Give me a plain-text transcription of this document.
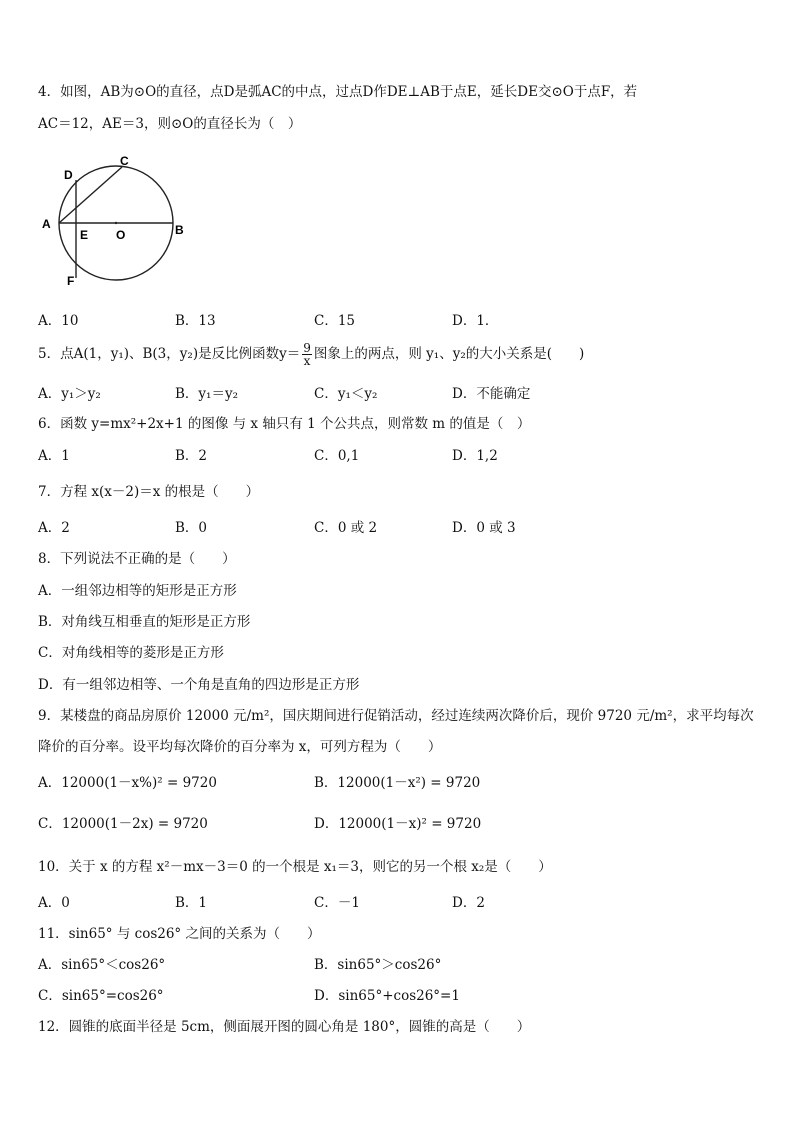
4．如图，AB为⊙O的直径，点D是弧AC的中点，过点D作DE⊥AB于点E，延长DE交⊙O于点F，若
AC＝12，AE＝3，则⊙O的直径长为（　）
C
D
A
E O	B
F
A．10	B．13	C．15	D．1．
5．点A(1，y₁)、B(3，y₂)是反比例函数$y= \frac{9}{x}$ 图象上的两点，则 y₁、y₂的大小关系是(　　)
A．y₁＞y₂	B．y₁＝y₂	C．y₁＜y₂	D．不能确定
6．函数 y=mx²+2x+1 的图像 与 x 轴只有 1 个公共点，则常数 m 的值是（　）
A．1	B．2	C．0,1	D．1,2
7．方程 x(x－2)＝x 的根是（　　）
A．2	B．0	C．0 或 2	D．0 或 3
8．下列说法不正确的是（　　）
A．一组邻边相等的矩形是正方形
B．对角线互相垂直的矩形是正方形
C．对角线相等的菱形是正方形
D．有一组邻边相等、一个角是直角的四边形是正方形
9．某楼盘的商品房原价 12000 元/m²，国庆期间进行促销活动，经过连续两次降价后，现价 9720 元/m²，求平均每次
降价的百分率。设平均每次降价的百分率为 x，可列方程为（　　）
A．12000(1－x%)² = 9720	B．12000(1－x²) = 9720
C．12000(1－2x) = 9720	D．12000(1－x)² = 9720
10．关于 x 的方程 x²－mx－3＝0 的一个根是 x₁＝3，则它的另一个根 x₂是（　　）
A．0	B．1	C．－1	D．2
11．sin65° 与 cos26° 之间的关系为（　　）
A．sin65°＜cos26°	B．sin65°＞cos26°
C．sin65°=cos26°	D．sin65°+cos26°=1
12．圆锥的底面半径是 5cm，侧面展开图的圆心角是 180°，圆锥的高是（　　）
